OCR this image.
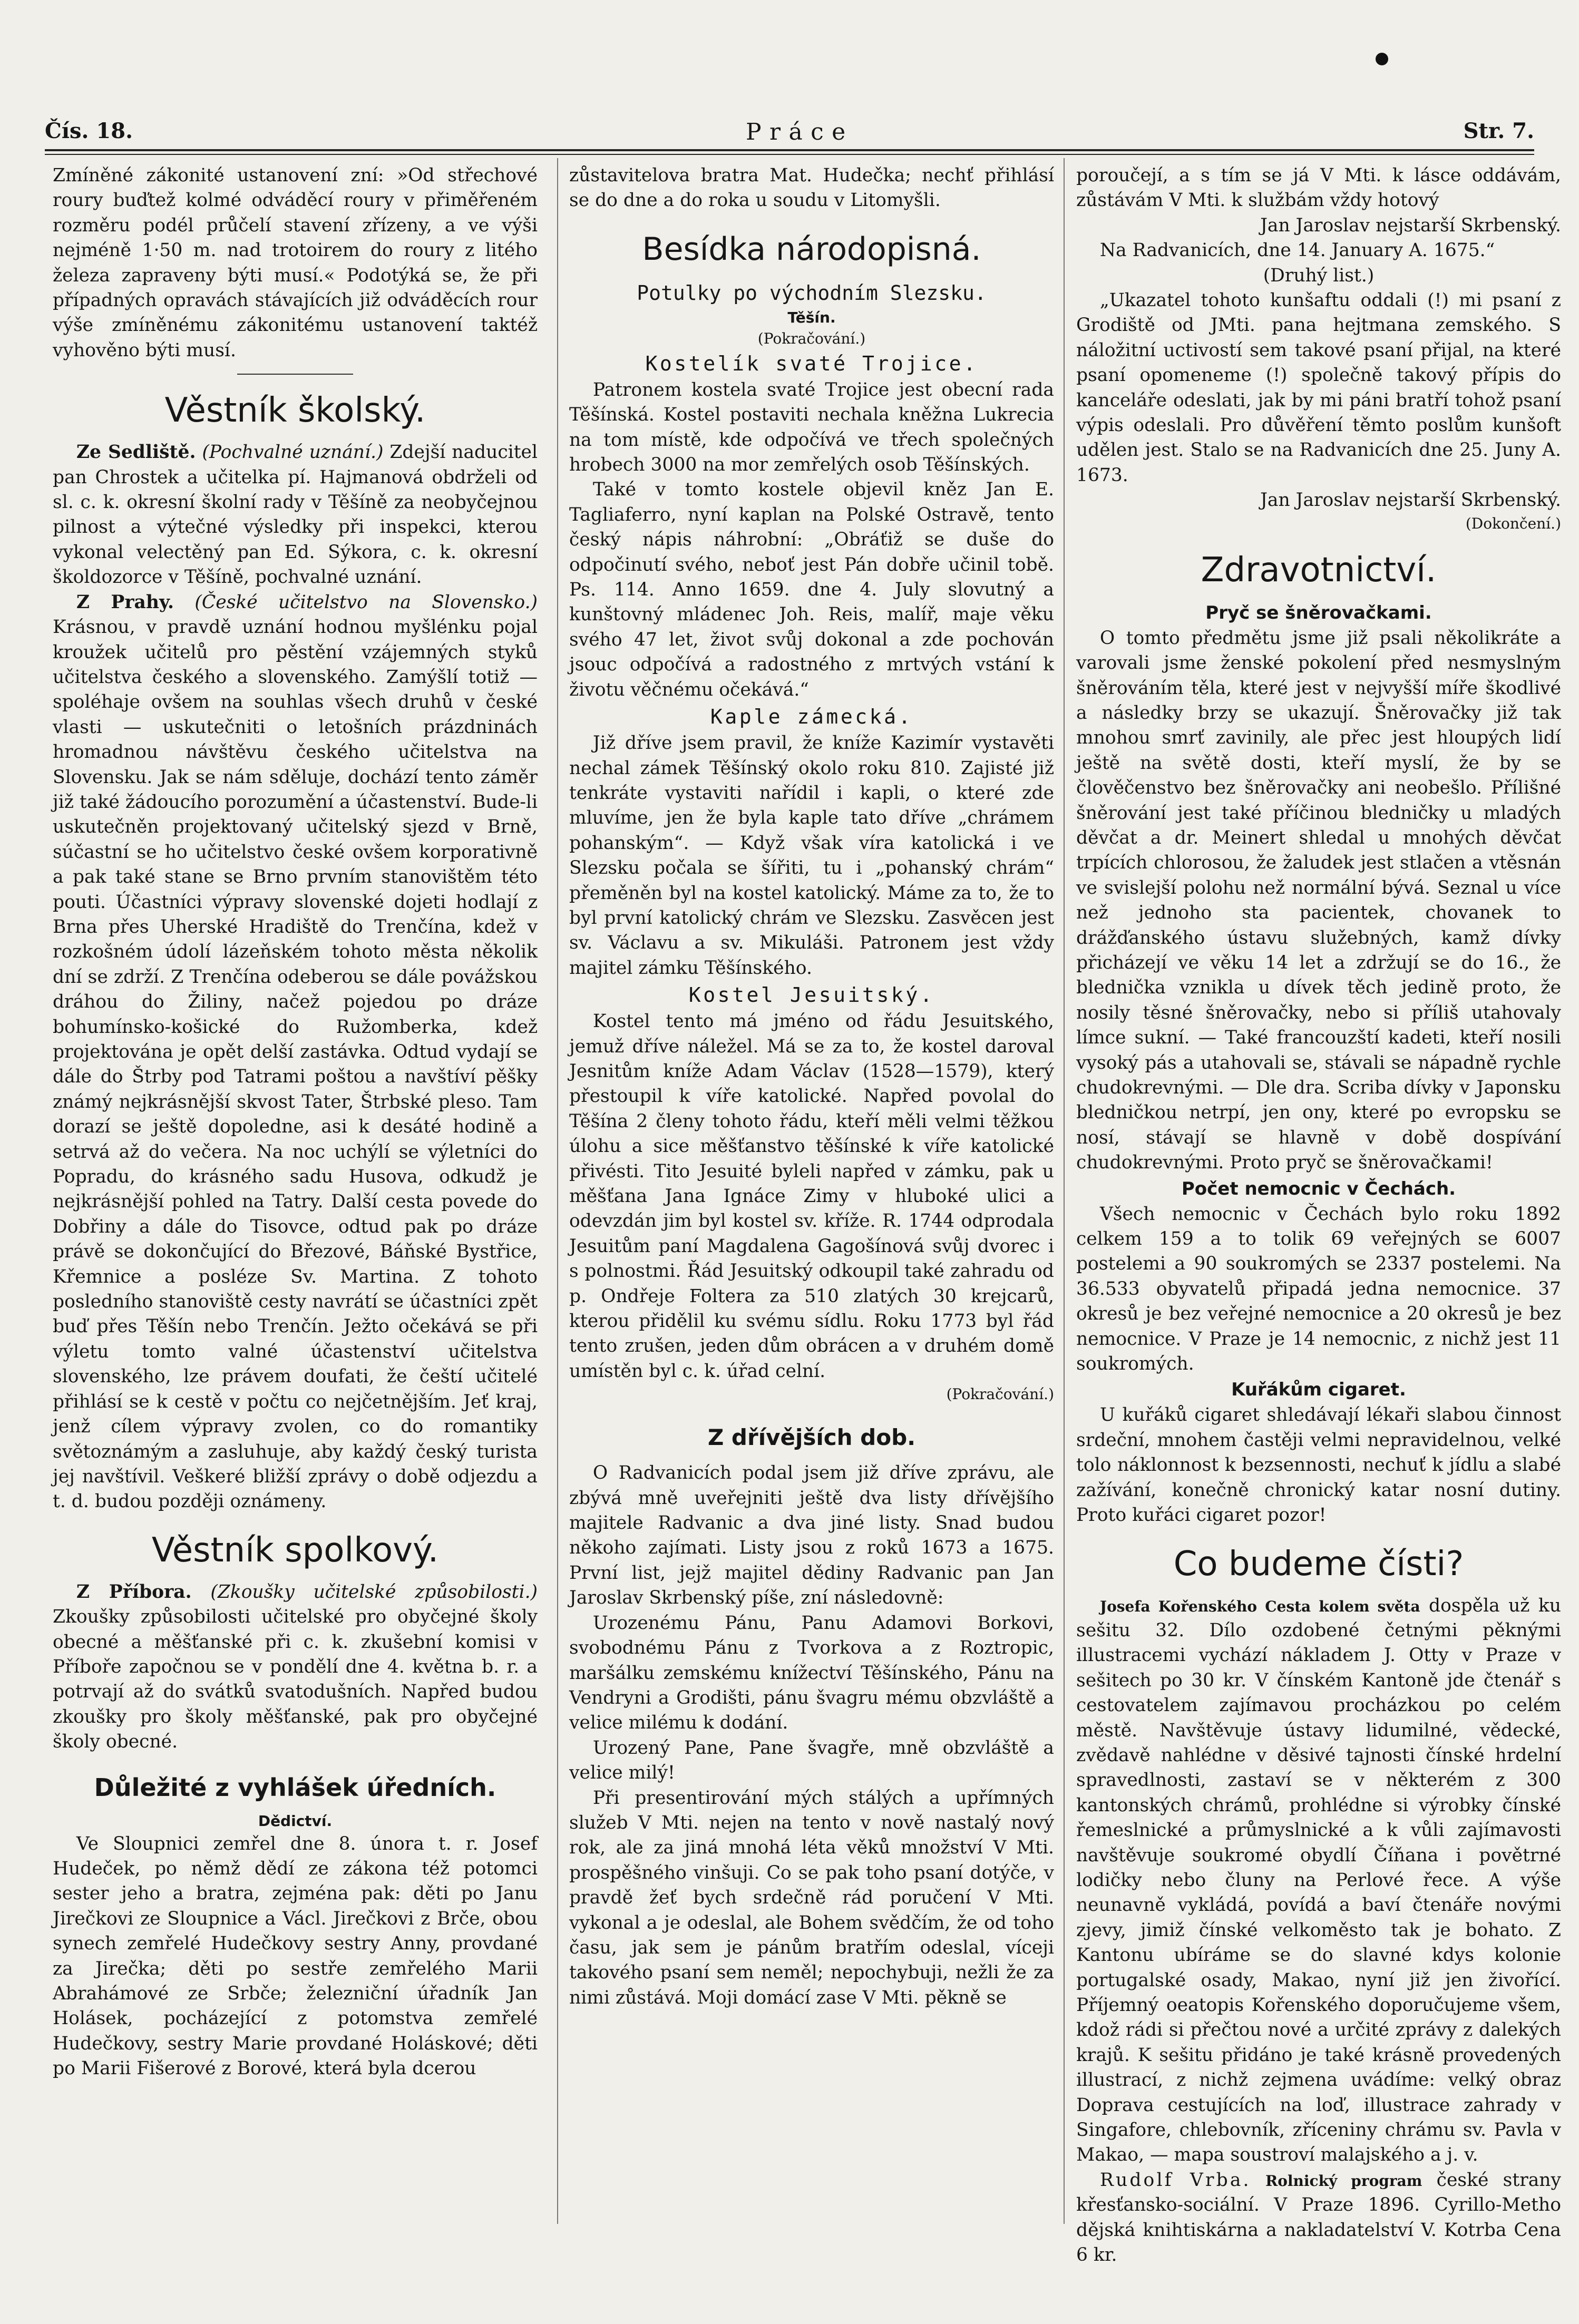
Čís. 18.	Práce	Str. 7.

Zmíněné zákonité ustanovení zní: »Od střechové roury buďtež kolmé odváděcí roury v přiměřeném rozměru podél průčelí stavení zřízeny, a ve výši nejméně 1·50 m. nad trotoirem do roury z litého železa zapraveny býti musí.« Podotýká se, že při případných opravách stávajících již odváděcích rour výše zmíněnému zákonitému ustanovení taktéž vyhověno býti musí.

Věstník školský.

Ze Sedliště. (Pochvalné uznání.) Zdejší naducitel pan Chrostek a učitelka pí. Hajmanová obdrželi od sl. c. k. okresní školní rady v Těšíně za neobyčejnou pilnost a výtečné výsledky při inspekci, kterou vykonal velectěný pan Ed. Sýkora, c. k. okresní školdozorce v Těšíně, pochvalné uznání.

Z Prahy. (České učitelstvo na Slovensko.) Krásnou, v pravdě uznání hodnou myšlénku pojal kroužek učitelů pro pěstění vzájemných styků učitelstva českého a slovenského. Zamýšlí totiž — spoléhaje ovšem na souhlas všech druhů v české vlasti — uskutečniti o letošních prázdninách hromadnou návštěvu českého učitelstva na Slovensku. Jak se nám sděluje, dochází tento záměr již také žádoucího porozumění a účastenství. Bude-li uskutečněn projektovaný učitelský sjezd v Brně, súčastní se ho učitelstvo české ovšem korporativně a pak také stane se Brno prvním stanovištěm této pouti. Účastníci výpravy slovenské dojeti hodlají z Brna přes Uherské Hradiště do Trenčína, kdež v rozkošném údolí lázeňském tohoto města několik dní se zdrží. Z Trenčína odeberou se dále povážskou dráhou do Žiliny, načež pojedou po dráze bohumínsko-košické do Ružomberka, kdež projektována je opět delší zastávka. Odtud vydají se dále do Štrby pod Tatrami poštou a navštíví pěšky známý nejkrásnější skvost Tater, Štrbské pleso. Tam dorazí se ještě dopoledne, asi k desáté hodině a setrvá až do večera. Na noc uchýlí se výletníci do Popradu, do krásného sadu Husova, odkudž je nejkrásnější pohled na Tatry. Další cesta povede do Dobřiny a dále do Tisovce, odtud pak po dráze právě se dokončující do Březové, Báňské Bystřice, Křemnice a posléze Sv. Martina. Z tohoto posledního stanoviště cesty navrátí se účastníci zpět buď přes Těšín nebo Trenčín. Ježto očekává se při výletu tomto valné účastenství učitelstva slovenského, lze právem doufati, že čeští učitelé přihlásí se k cestě v počtu co nejčetnějším. Jeť kraj, jenž cílem výpravy zvolen, co do romantiky světoznámým a zasluhuje, aby každý český turista jej navštívil. Veškeré bližší zprávy o době odjezdu a t. d. budou později oznámeny.

Věstník spolkový.

Z Příbora. (Zkoušky učitelské způsobilosti.) Zkoušky způsobilosti učitelské pro obyčejné školy obecné a měšťanské při c. k. zkušební komisi v Příboře započnou se v pondělí dne 4. května b. r. a potrvají až do svátků svatodušních. Napřed budou zkoušky pro školy měšťanské, pak pro obyčejné školy obecné.

Důležité z vyhlášek úředních.
Dědictví.

Ve Sloupnici zemřel dne 8. února t. r. Josef Hudeček, po němž dědí ze zákona též potomci sester jeho a bratra, zejména pak: děti po Janu Jirečkovi ze Sloupnice a Václ. Jirečkovi z Brče, obou synech zemřelé Hudečkovy sestry Anny, provdané za Jirečka; děti po sestře zemřelého Marii Abrahámové ze Srbče; železniční úřadník Jan Holásek, pocházející z potomstva zemřelé Hudečkovy, sestry Marie provdané Holáskové; děti po Marii Fišerové z Borové, která byla dcerou

zůstavitelova bratra Mat. Hudečka; nechť přihlásí se do dne a do roka u soudu v Litomyšli.

Besídka národopisná.
Potulky po východním Slezsku.
Těšín.
(Pokračování.)
Kostelík svaté Trojice.

Patronem kostela svaté Trojice jest obecní rada Těšínská. Kostel postaviti nechala kněžna Lukrecia na tom místě, kde odpočívá ve třech společných hrobech 3000 na mor zemřelých osob Těšínských.

Také v tomto kostele objevil kněz Jan E. Tagliaferro, nyní kaplan na Polské Ostravě, tento český nápis náhrobní: „Obráťiž se duše do odpočinutí svého, neboť jest Pán dobře učinil tobě. Ps. 114. Anno 1659. dne 4. July slovutný a kunštovný mládenec Joh. Reis, malíř, maje věku svého 47 let, život svůj dokonal a zde pochován jsouc odpočívá a radostného z mrtvých vstání k životu věčnému očekává.“

Kaple zámecká.

Již dříve jsem pravil, že kníže Kazimír vystavěti nechal zámek Těšínský okolo roku 810. Zajisté již tenkráte vystaviti nařídil i kapli, o které zde mluvíme, jen že byla kaple tato dříve „chrámem pohanským“. — Když však víra katolická i ve Slezsku počala se šířiti, tu i „pohanský chrám“ přeměněn byl na kostel katolický. Máme za to, že to byl první katolický chrám ve Slezsku. Zasvěcen jest sv. Václavu a sv. Mikuláši. Patronem jest vždy majitel zámku Těšínského.

Kostel Jesuitský.

Kostel tento má jméno od řádu Jesuitského, jemuž dříve náležel. Má se za to, že kostel daroval Jesnitům kníže Adam Václav (1528—1579), který přestoupil k víře katolické. Napřed povolal do Těšína 2 členy tohoto řádu, kteří měli velmi těžkou úlohu a sice měšťanstvo těšínské k víře katolické přivésti. Tito Jesuité byleli napřed v zámku, pak u měšťana Jana Ignáce Zimy v hluboké ulici a odevzdán jim byl kostel sv. kříže. R. 1744 odprodala Jesuitům paní Magdalena Gagošínová svůj dvorec i s polnostmi. Řád Jesuitský odkoupil také zahradu od p. Ondřeje Foltera za 510 zlatých 30 krejcarů, kterou přidělil ku svému sídlu. Roku 1773 byl řád tento zrušen, jeden dům obrácen a v druhém domě umístěn byl c. k. úřad celní.

(Pokračování.)

Z dřívějších dob.

O Radvanicích podal jsem již dříve zprávu, ale zbývá mně uveřejniti ještě dva listy dřívějšího majitele Radvanic a dva jiné listy. Snad budou někoho zajímati. Listy jsou z roků 1673 a 1675. První list, jejž majitel dědiny Radvanic pan Jan Jaroslav Skrbenský píše, zní následovně:

Urozenému Pánu, Panu Adamovi Borkovi, svobodnému Pánu z Tvorkova a z Roztropic, maršálku zemskému knížectví Těšínského, Pánu na Vendryni a Grodišti, pánu švagru mému obzvláště a velice milému k dodání.

Urozený Pane, Pane švagře, mně obzvláště a velice milý!

Při presentirování mých stálých a upřímných služeb V Mti. nejen na tento v nově nastalý nový rok, ale za jiná mnohá léta věků množství V Mti. prospěšného vinšuji. Co se pak toho psaní dotýče, v pravdě žeť bych srdečně rád poručení V Mti. vykonal a je odeslal, ale Bohem svědčím, že od toho času, jak sem je pánům bratřím odeslal, víceji takového psaní sem neměl; nepochybuji, nežli že za nimi zůstává. Moji domácí zase V Mti. pěkně se

poroučejí, a s tím se já V Mti. k lásce oddávám, zůstávám V Mti. k službám vždy hotový

Jan Jaroslav nejstarší Skrbenský.

Na Radvanicích, dne 14. January A. 1675.“

(Druhý list.)

„Ukazatel tohoto kunšaftu oddali (!) mi psaní z Grodiště od JMti. pana hejtmana zemského. S náložitní uctivostí sem takové psaní přijal, na které psaní opomeneme (!) společně takový přípis do kanceláře odeslati, jak by mi páni bratří tohož psaní výpis odeslali. Pro důvěření těmto poslům kunšoft udělen jest. Stalo se na Radvanicích dne 25. Juny A. 1673.

Jan Jaroslav nejstarší Skrbenský.

(Dokončení.)

Zdravotnictví.
Pryč se šněrovačkami.

O tomto předmětu jsme již psali několikráte a varovali jsme ženské pokolení před nesmyslným šněrováním těla, které jest v nejvyšší míře škodlivé a následky brzy se ukazují. Šněrovačky již tak mnohou smrť zavinily, ale přec jest hloupých lidí ještě na světě dosti, kteří myslí, že by se člověčenstvo bez šněrovačky ani neobešlo. Přílišné šněrování jest také příčinou bledničky u mladých děvčat a dr. Meinert shledal u mnohých děvčat trpících chlorosou, že žaludek jest stlačen a vtěsnán ve svislejší polohu než normální bývá. Seznal u více než jednoho sta pacientek, chovanek to drážďanského ústavu služebných, kamž dívky přicházejí ve věku 14 let a zdržují se do 16., že bledničkа vznikla u dívek těch jedině proto, že nosily těsné šněrovačky, nebo si příliš utahovaly límce sukní. — Také francouzští kadeti, kteří nosili vysoký pás a utahovali se, stávali se nápadně rychle chudokrevnými. — Dle dra. Scriba dívky v Japonsku bledničkou netrpí, jen ony, které po evropsku se nosí, stávají se hlavně v době dospívání chudokrevnými. Proto pryč se šněrovačkami!

Počet nemocnic v Čechách.

Všech nemocnic v Čechách bylo roku 1892 celkem 159 a to tolik 69 veřejných se 6007 postelemi a 90 soukromých se 2337 postelemi. Na 36.533 obyvatelů připadá jedna nemocnice. 37 okresů je bez veřejné nemocnice a 20 okresů je bez nemocnice. V Praze je 14 nemocnic, z nichž jest 11 soukromých.

Kuřákům cigaret.

U kuřáků cigaret shledávají lékaři slabou činnost srdeční, mnohem častěji velmi nepravidelnou, velké tolo náklonnost k bezsennosti, nechuť k jídlu a slabé zažívání, konečně chronický katar nosní dutiny. Proto kuřáci cigaret pozor!

Co budeme čísti?

Josefa Kořenského Cesta kolem světa dospěla už ku sešitu 32. Dílo ozdobené četnými pěknými illustracemi vychází nákladem J. Otty v Praze v sešitech po 30 kr. V čínském Kantoně jde čtenář s cestovatelem zajímavou procházkou po celém městě. Navštěvuje ústavy lidumilné, vědecké, zvědavě nahlédne v děsivé tajnosti čínské hrdelní spravedlnosti, zastaví se v některém z 300 kantonských chrámů, prohlédne si výrobky čínské řemeslnické a průmyslnické a k vůli zajímavosti navštěvuje soukromé obydlí Číňana i povětrné lodičky nebo čluny na Perlové řece. A výše neunavně vykládá, povídá a baví čtenáře novými zjevy, jimiž čínské velkoměsto tak je bohato. Z Kantonu ubíráme se do slavné kdys kolonie portugalské osady, Makao, nyní již jen živořící. Příjemný oeatopis Kořenského doporučujeme všem, kdož rádi si přečtou nové a určité zprávy z dalekých krajů. K sešitu přidáno je také krásně provedených illustrací, z nichž zejmena uvádíme: velký obraz Doprava cestujících na loď, illustrace zahrady v Singafore, chlebovník, zříceniny chrámu sv. Pavla v Makao, — mapa soustroví malajského a j. v.

Rudolf Vrba. Rolnický program české strany křesťansko-sociální. V Praze 1896. Cyrillo-Metho dějská knihtiskárna a nakladatelství V. Kotrba Cena 6 kr.
